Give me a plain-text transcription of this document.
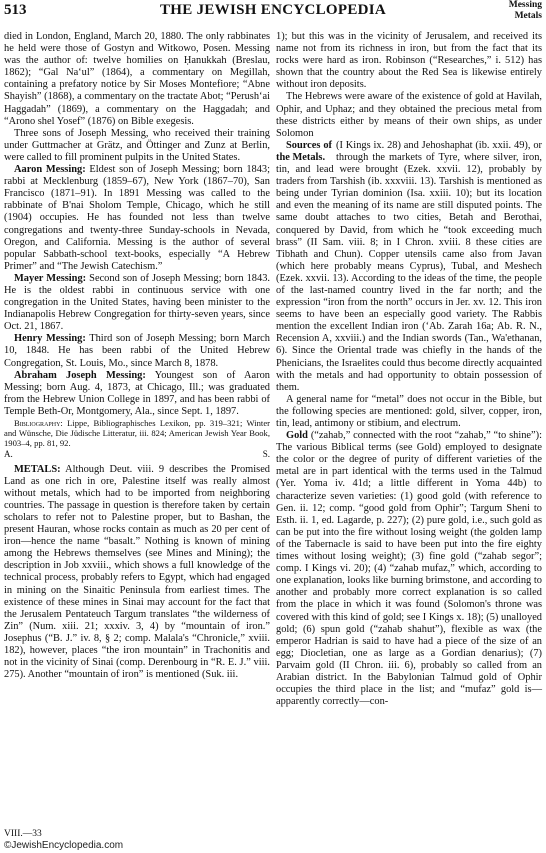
513	THE JEWISH ENCYCLOPEDIA	Messing
Metals

died in London, England, March 20, 1880. The only rabbinates he held were those of Gostyn and Witkowo, Posen. Messing was the author of: twelve homilies on Ḥanukkah (Breslau, 1862); “Gal Na‘ul” (1864), a commentary on Megillah, containing a prefatory notice by Sir Moses Montefiore; “Abne Shayish” (1868), a commentary on the tractate Abot; “Perush‘ai Haggadah” (1869), a commentary on the Haggadah; and “Arono shel Yosef” (1876) on Bible exegesis.

Three sons of Joseph Messing, who received their training under Guttmacher at Grätz, and Öttinger and Zunz at Berlin, were called to fill prominent pulpits in the United States.

Aaron Messing: Eldest son of Joseph Messing; born 1843; rabbi at Mecklenburg (1859–67), New York (1867–70), San Francisco (1871–91). In 1891 Messing was called to the rabbinate of B'nai Sholom Temple, Chicago, which he still (1904) occupies. He has founded not less than twelve congregations and twenty-three Sunday-schools in Nevada, Oregon, and California. Messing is the author of several popular Sabbath-school text-books, especially “A Hebrew Primer” and “The Jewish Catechism.”

Mayer Messing: Second son of Joseph Messing; born 1843. He is the oldest rabbi in continuous service with one congregation in the United States, having been minister to the Indianapolis Hebrew Congregation for thirty-seven years, since Oct. 21, 1867.

Henry Messing: Third son of Joseph Messing; born March 10, 1848. He has been rabbi of the United Hebrew Congregation, St. Louis, Mo., since March 8, 1878.

Abraham Joseph Messing: Youngest son of Aaron Messing; born Aug. 4, 1873, at Chicago, Ill.; was graduated from the Hebrew Union College in 1897, and has been rabbi of Temple Beth-Or, Montgomery, Ala., since Sept. 1, 1897.

Bibliography: Lippe, Bibliographisches Lexikon, pp. 319–321; Winter and Wünsche, Die Jüdische Litteratur, iii. 824; American Jewish Year Book, 1903–4, pp. 81, 92.

A.	S.

METALS: Although Deut. viii. 9 describes the Promised Land as one rich in ore, Palestine itself was really almost without metals, which had to be imported from neighboring countries. The passage in question is therefore taken by certain scholars to refer not to Palestine proper, but to Bashan, the present Hauran, whose rocks contain as much as 20 per cent of iron—hence the name “basalt.” Nothing is known of mining among the Hebrews themselves (see Mines and Mining); the description in Job xxviii., which shows a full knowledge of the technical process, probably refers to Egypt, which had engaged in mining on the Sinaitic Peninsula from earliest times. The existence of these mines in Sinai may account for the fact that the Jerusalem Pentateuch Targum translates “the wilderness of Zin” (Num. xiii. 21; xxxiv. 3, 4) by “mountain of iron.” Josephus (“B. J.” iv. 8, § 2; comp. Malala's “Chronicle,” xviii. 182), however, places “the iron mountain” in Trachonitis and not in the vicinity of Sinai (comp. Derenbourg in “R. E. J.” viii. 275). Another “mountain of iron” is mentioned (Suk. iii.

1); but this was in the vicinity of Jerusalem, and received its name not from its richness in iron, but from the fact that its rocks were hard as iron. Robinson (“Researches,” i. 512) has shown that the country about the Red Sea is likewise entirely without iron deposits.

The Hebrews were aware of the existence of gold at Havilah, Ophir, and Uphaz; and they obtained the precious metal from these districts either by means of their own ships, as under Solomon

Sources of the Metals.
(I Kings ix. 28) and Jehoshaphat (ib. xxii. 49), or through the markets of Tyre, where silver, iron, tin, and lead were brought (Ezek. xxvii. 12), probably by traders from Tarshish (ib. xxxviii. 13). Tarshish is mentioned as being under Tyrian dominion (Isa. xxiii. 10); but its location and even the meaning of its name are still disputed points. The same doubt attaches to two cities, Betah and Berothai, conquered by David, from which he “took exceeding much brass” (II Sam. viii. 8; in I Chron. xviii. 8 these cities are Tibhath and Chun). Copper utensils came also from Javan (which here probably means Cyprus), Tubal, and Meshech (Ezek. xxvii. 13). According to the ideas of the time, the people of the last-named country lived in the far north; and the expression “iron from the north” occurs in Jer. xv. 12. This iron seems to have been an especially good variety. The Rabbis mention the excellent Indian iron (‘Ab. Zarah 16a; Ab. R. N., Recension A, xxviii.) and the Indian swords (Tan., Wa'ethanan, 6). Since the Oriental trade was chiefly in the hands of the Phenicians, the Israelites could thus become directly acquainted with the metals and had opportunity to obtain possession of them.

A general name for “metal” does not occur in the Bible, but the following species are mentioned: gold, silver, copper, iron, tin, lead, antimony or stibium, and electrum.

Gold (“zahab,” connected with the root “zahab,” “to shine”): The various Biblical terms (see Gold) employed to designate the color or the degree of purity of different varieties of the metal are in part identical with the terms used in the Talmud (Yer. Yoma iv. 41d; a little different in Yoma 44b) to characterize seven varieties: (1) good gold (with reference to Gen. ii. 12; comp. “good gold from Ophir”; Targum Sheni to Esth. ii. 1, ed. Lagarde, p. 227); (2) pure gold, i.e., such gold as can be put into the fire without losing weight (the golden lamp of the Tabernacle is said to have been put into the fire eighty times without losing weight); (3) fine gold (“zahab segor”; comp. I Kings vi. 20); (4) “zahab mufaz,” which, according to one explanation, looks like burning brimstone, and according to another and probably more correct explanation is so called from the place in which it was found (Solomon's throne was covered with this kind of gold; see I Kings x. 18); (5) unalloyed gold; (6) spun gold (“zahab shahut”), flexible as wax (the emperor Hadrian is said to have had a piece of the size of an egg; Diocletian, one as large as a Gordian denarius); (7) Parvaim gold (II Chron. iii. 6), probably so called from an Arabian district. In the Babylonian Talmud gold of Ophir occupies the third place in the list; and “mufaz” gold is—apparently correctly—con-

VIII.—33
©JewishEncyclopedia.com
